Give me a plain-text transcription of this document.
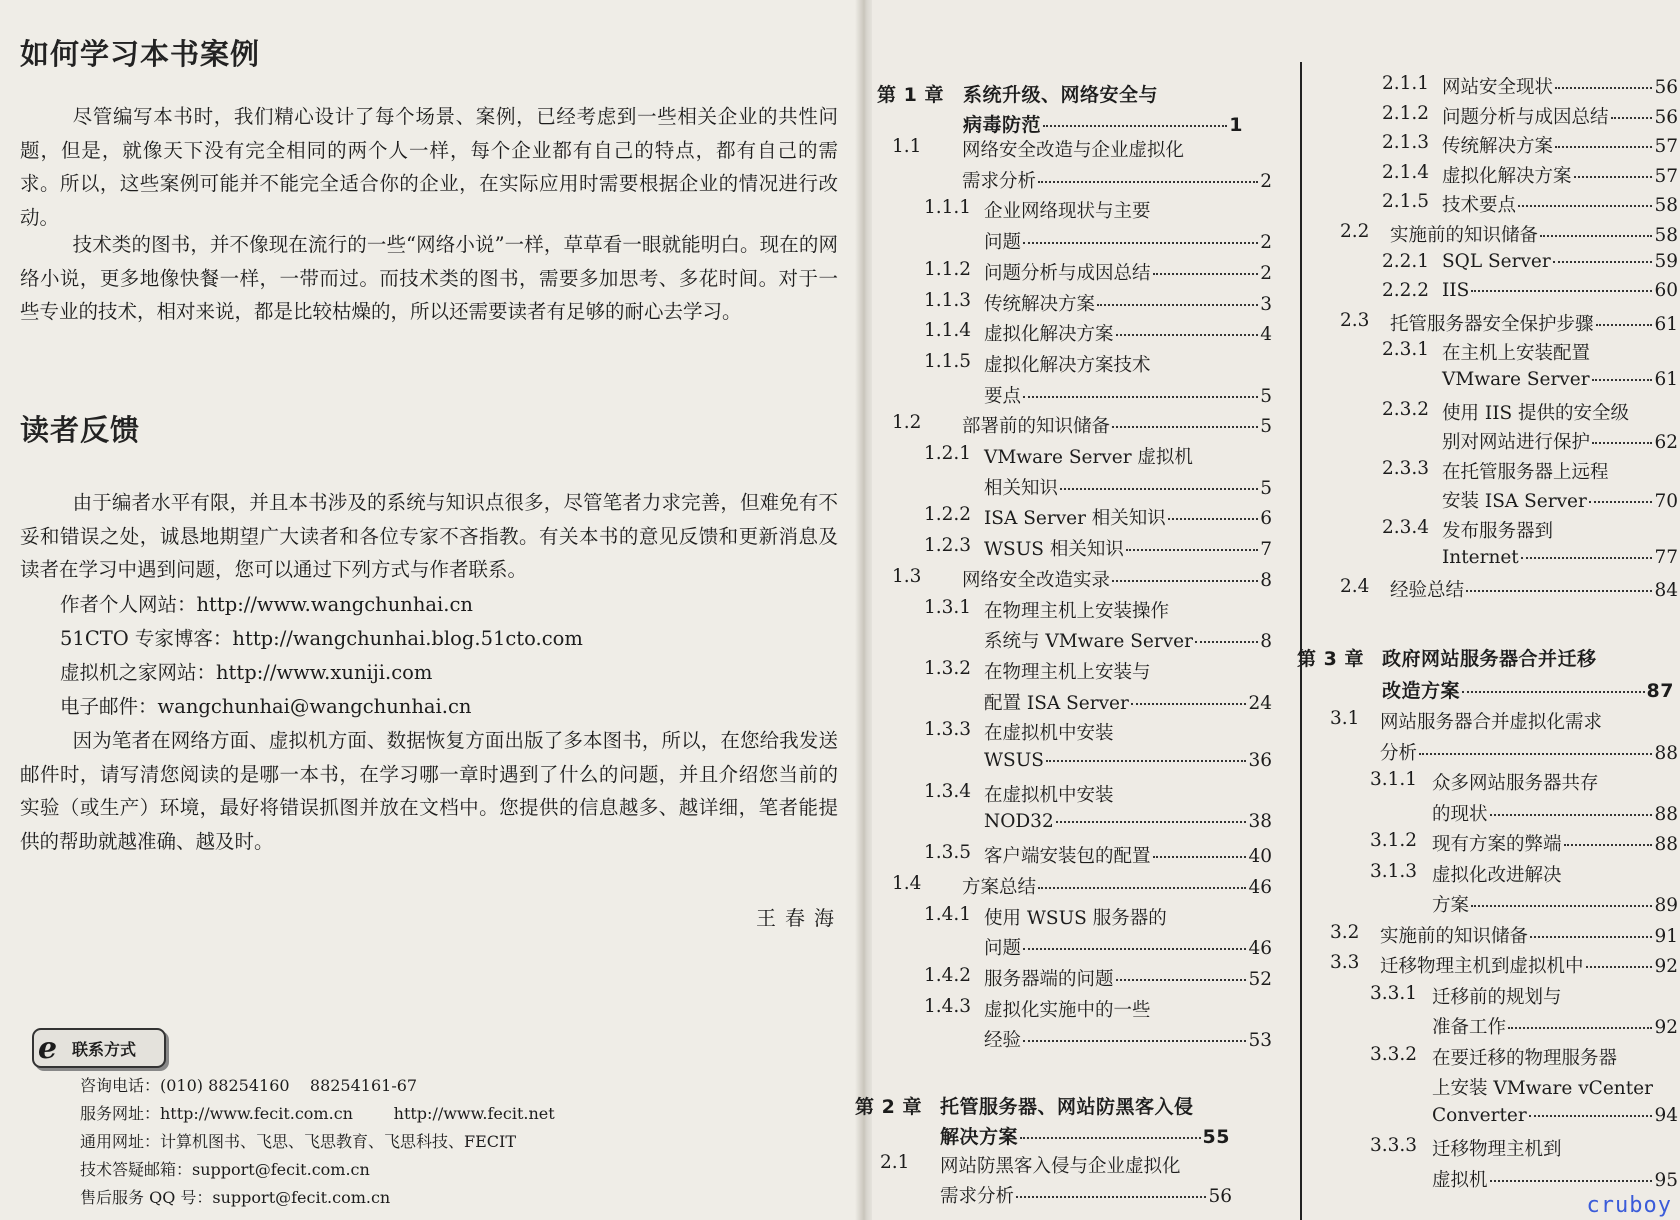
如何学习本书案例

尽管编写本书时，我们精心设计了每个场景、案例，已经考虑到一些相关企业的共性问题，但是，就像天下没有完全相同的两个人一样，每个企业都有自己的特点，都有自己的需求。所以，这些案例可能并不能完全适合你的企业，在实际应用时需要根据企业的情况进行改动。

技术类的图书，并不像现在流行的一些“网络小说”一样，草草看一眼就能明白。现在的网络小说，更多地像快餐一样，一带而过。而技术类的图书，需要多加思考、多花时间。对于一些专业的技术，相对来说，都是比较枯燥的，所以还需要读者有足够的耐心去学习。

读者反馈

由于编者水平有限，并且本书涉及的系统与知识点很多，尽管笔者力求完善，但难免有不妥和错误之处，诚恳地期望广大读者和各位专家不吝指教。有关本书的意见反馈和更新消息及读者在学习中遇到问题，您可以通过下列方式与作者联系。

作者个人网站：http://www.wangchunhai.cn

51CTO 专家博客：http://wangchunhai.blog.51cto.com

虚拟机之家网站：http://www.xuniji.com

电子邮件：wangchunhai@wangchunhai.cn

因为笔者在网络方面、虚拟机方面、数据恢复方面出版了多本图书，所以，在您给我发送邮件时，请写清您阅读的是哪一本书，在学习哪一章时遇到了什么的问题，并且介绍您当前的实验（或生产）环境，最好将错误抓图并放在文档中。您提供的信息越多、越详细，笔者能提供的帮助就越准确、越及时。

王春海
e 联系方式
咨询电话：(010) 88254160    88254161-67
服务网址：http://www.fecit.com.cn        http://www.fecit.net
通用网址：计算机图书、飞思、飞思教育、飞思科技、FECIT
技术答疑邮箱：support@fecit.com.cn
售后服务 QQ 号：support@fecit.com.cn
第 1 章 系统升级、网络安全与
病毒防范	1
1.1 网络安全改造与企业虚拟化
需求分析	2
1.1.1 企业网络现状与主要
问题	2
1.1.2 问题分析与成因总结	2
1.1.3 传统解决方案	3
1.1.4 虚拟化解决方案	4
1.1.5 虚拟化解决方案技术
要点	5
1.2 部署前的知识储备	5
1.2.1 VMware Server 虚拟机
相关知识	5
1.2.2 ISA Server 相关知识	6
1.2.3 WSUS 相关知识	7
1.3 网络安全改造实录	8
1.3.1 在物理主机上安装操作
系统与 VMware Server	8
1.3.2 在物理主机上安装与
配置 ISA Server	24
1.3.3 在虚拟机中安装
WSUS	36
1.3.4 在虚拟机中安装
NOD32	38
1.3.5 客户端安装包的配置	40
1.4 方案总结	46
1.4.1 使用 WSUS 服务器的
问题	46
1.4.2 服务器端的问题	52
1.4.3 虚拟化实施中的一些
经验	53
第 2 章 托管服务器、网站防黑客入侵
解决方案	55
2.1 网站防黑客入侵与企业虚拟化
需求分析	56
2.1.1 网站安全现状	56
2.1.2 问题分析与成因总结 56
2.1.3 传统解决方案	57
2.1.4 虚拟化解决方案	57
2.1.5 技术要点	58
2.2 实施前的知识储备	58
2.2.1 SQL Server	59
2.2.2 IIS	60
2.3 托管服务器安全保护步骤	61
2.3.1 在主机上安装配置
VMware Server	61
2.3.2 使用 IIS 提供的安全级
别对网站进行保护	62
2.3.3 在托管服务器上远程
安装 ISA Server	70
2.3.4 发布服务器到
Internet	77
2.4 经验总结	84
第 3 章 政府网站服务器合并迁移
改造方案	87
3.1 网站服务器合并虚拟化需求
分析	88
3.1.1 众多网站服务器共存
的现状	88
3.1.2 现有方案的弊端	88
3.1.3 虚拟化改进解决
方案	89
3.2 实施前的知识储备	91
3.3 迁移物理主机到虚拟机中	92
3.3.1 迁移前的规划与
准备工作	92
3.3.2 在要迁移的物理服务器
上安装 VMware vCenter
Converter	94
3.3.3 迁移物理主机到
虚拟机	95
cruboy
